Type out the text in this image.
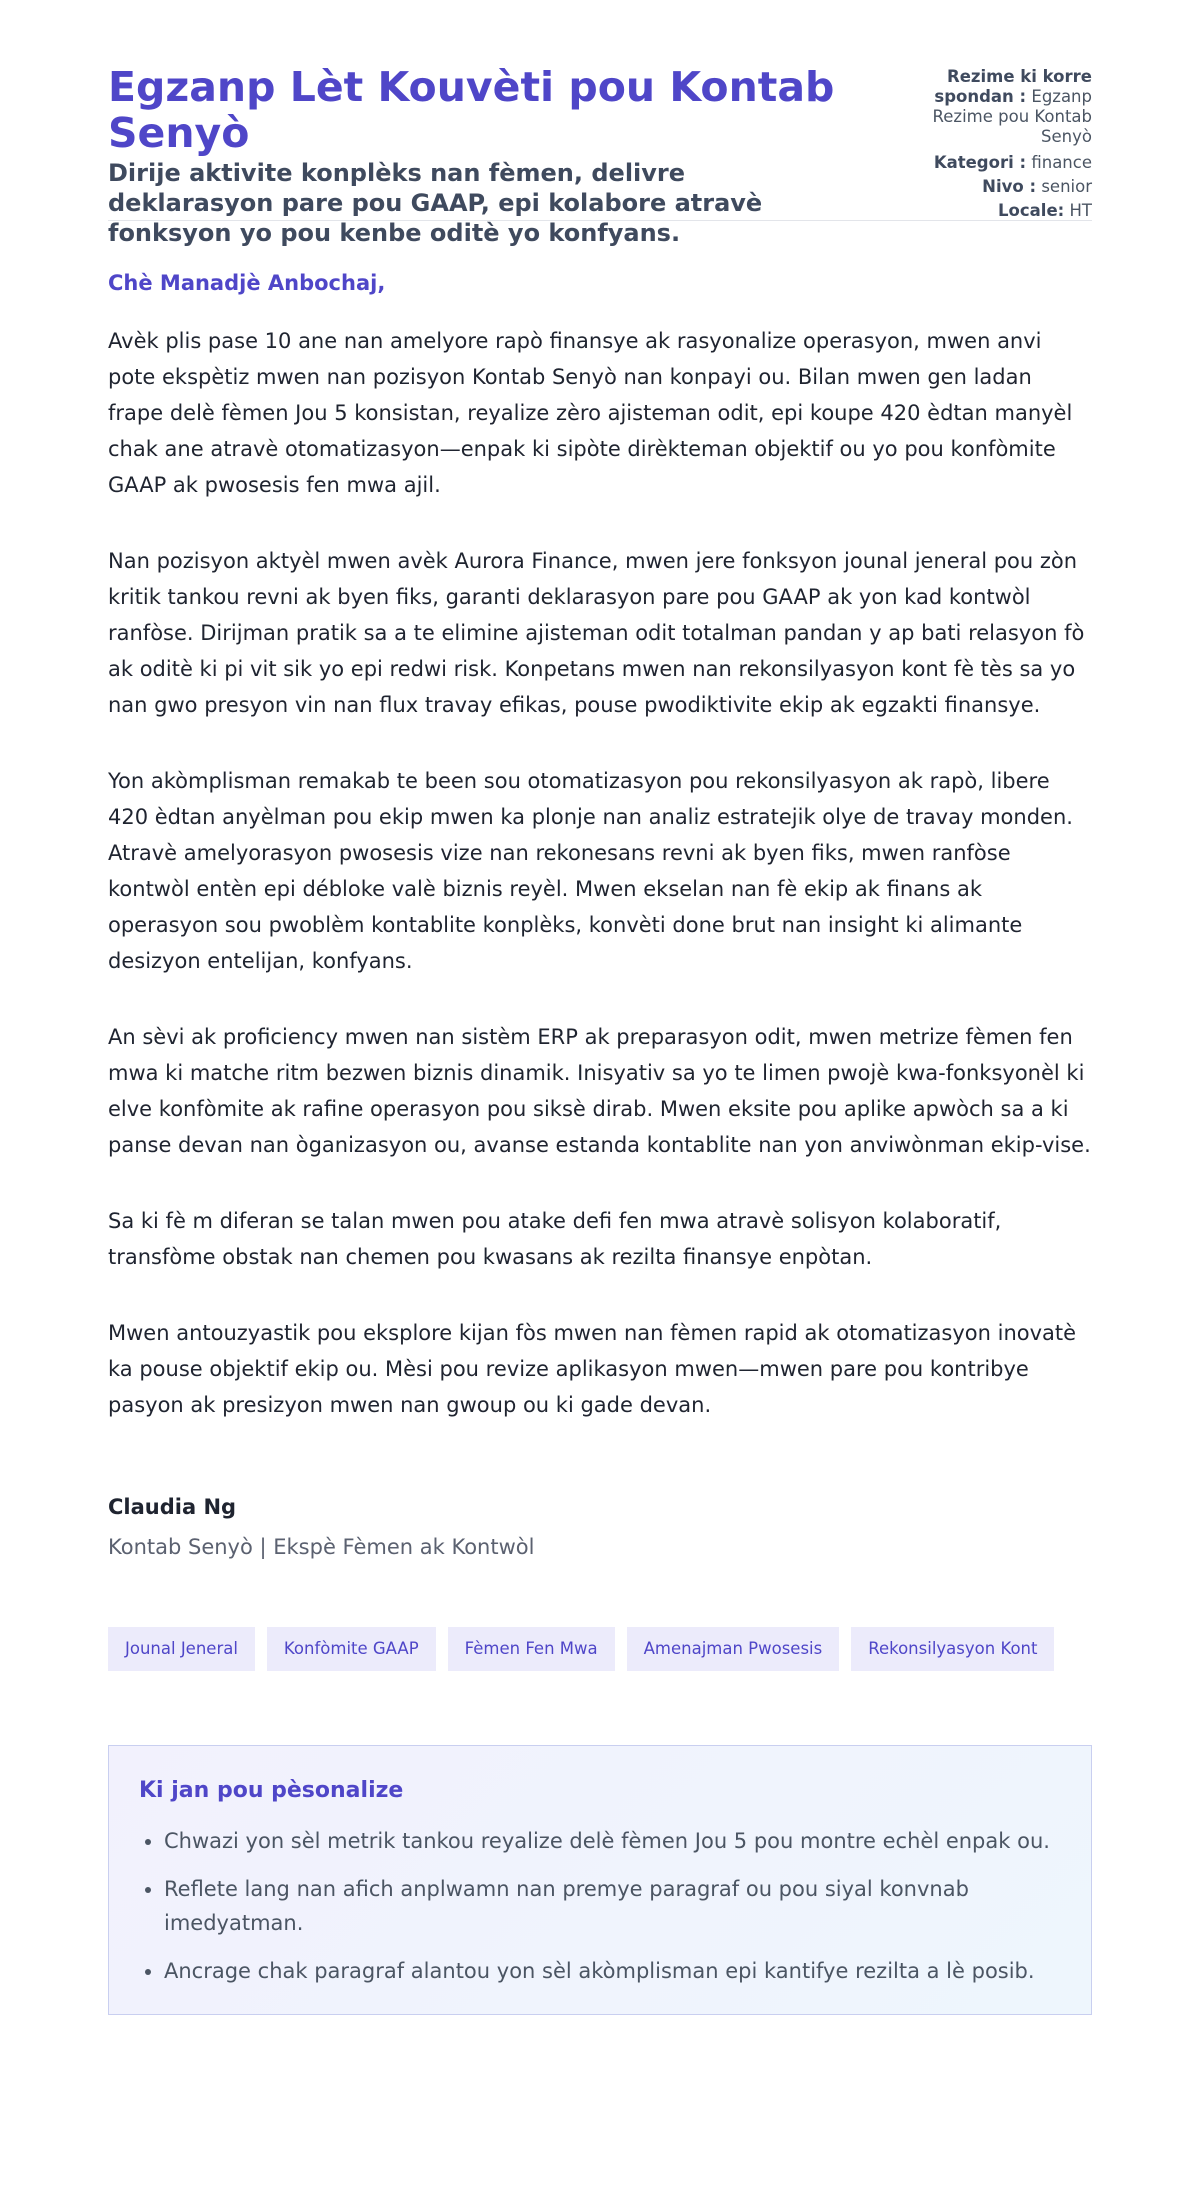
Egzanp Lèt Kouvèti pou Kontab Senyò
Dirije aktivite konplèks nan fèmen, delivre deklarasyon pare pou GAAP, epi kolabore atravè fonksyon yo pou kenbe oditè yo konfyans.
Rezime ki korre spondan : Egzanp Rezime pou Kontab Senyò
Kategori : finance
Nivo : senior
Locale: HT

Chè Manadjè Anbochaj,

Avèk plis pase 10 ane nan amelyore rapò finansye ak rasyonalize operasyon, mwen anvi pote ekspètiz mwen nan pozisyon Kontab Senyò nan konpayi ou. Bilan mwen gen ladan frape delè fèmen Jou 5 konsistan, reyalize zèro ajisteman odit, epi koupe 420 èdtan manyèl chak ane atravè otomatizasyon—enpak ki sipòte dirèkteman objektif ou yo pou konfòmite GAAP ak pwosesis fen mwa ajil.

Nan pozisyon aktyèl mwen avèk Aurora Finance, mwen jere fonksyon jounal jeneral pou zòn kritik tankou revni ak byen fiks, garanti deklarasyon pare pou GAAP ak yon kad kontwòl ranfòse. Dirijman pratik sa a te elimine ajisteman odit totalman pandan y ap bati relasyon fò ak oditè ki pi vit sik yo epi redwi risk. Konpetans mwen nan rekonsilyasyon kont fè tès sa yo nan gwo presyon vin nan flux travay efikas, pouse pwodiktivite ekip ak egzakti finansye.

Yon akòmplisman remakab te been sou otomatizasyon pou rekonsilyasyon ak rapò, libere 420 èdtan anyèlman pou ekip mwen ka plonje nan analiz estratejik olye de travay monden. Atravè amelyorasyon pwosesis vize nan rekonesans revni ak byen fiks, mwen ranfòse kontwòl entèn epi débloke valè biznis reyèl. Mwen ekselan nan fè ekip ak finans ak operasyon sou pwoblèm kontablite konplèks, konvèti done brut nan insight ki alimante desizyon entelijan, konfyans.

An sèvi ak proficiency mwen nan sistèm ERP ak preparasyon odit, mwen metrize fèmen fen mwa ki matche ritm bezwen biznis dinamik. Inisyativ sa yo te limen pwojè kwa-fonksyonèl ki elve konfòmite ak rafine operasyon pou siksè dirab. Mwen eksite pou aplike apwòch sa a ki panse devan nan òganizasyon ou, avanse estanda kontablite nan yon anviwònman ekip-vise.

Sa ki fè m diferan se talan mwen pou atake defi fen mwa atravè solisyon kolaboratif, transfòme obstak nan chemen pou kwasans ak rezilta finansye enpòtan.

Mwen antouzyastik pou eksplore kijan fòs mwen nan fèmen rapid ak otomatizasyon inovatè ka pouse objektif ekip ou. Mèsi pou revize aplikasyon mwen—mwen pare pou kontribye pasyon ak presizyon mwen nan gwoup ou ki gade devan.

Claudia Ng

Kontab Senyò | Ekspè Fèmen ak Kontwòl

Jounal Jeneral	Konfòmite GAAP	Fèmen Fen Mwa	Amenajman Pwosesis	Rekonsilyasyon Kont
Ki jan pou pèsonalize
• Chwazi yon sèl metrik tankou reyalize delè fèmen Jou 5 pou montre echèl enpak ou.
• Reflete lang nan afich anplwamn nan premye paragraf ou pou siyal konvnab imedyatman.
• Ancrage chak paragraf alantou yon sèl akòmplisman epi kantifye rezilta a lè posib.
